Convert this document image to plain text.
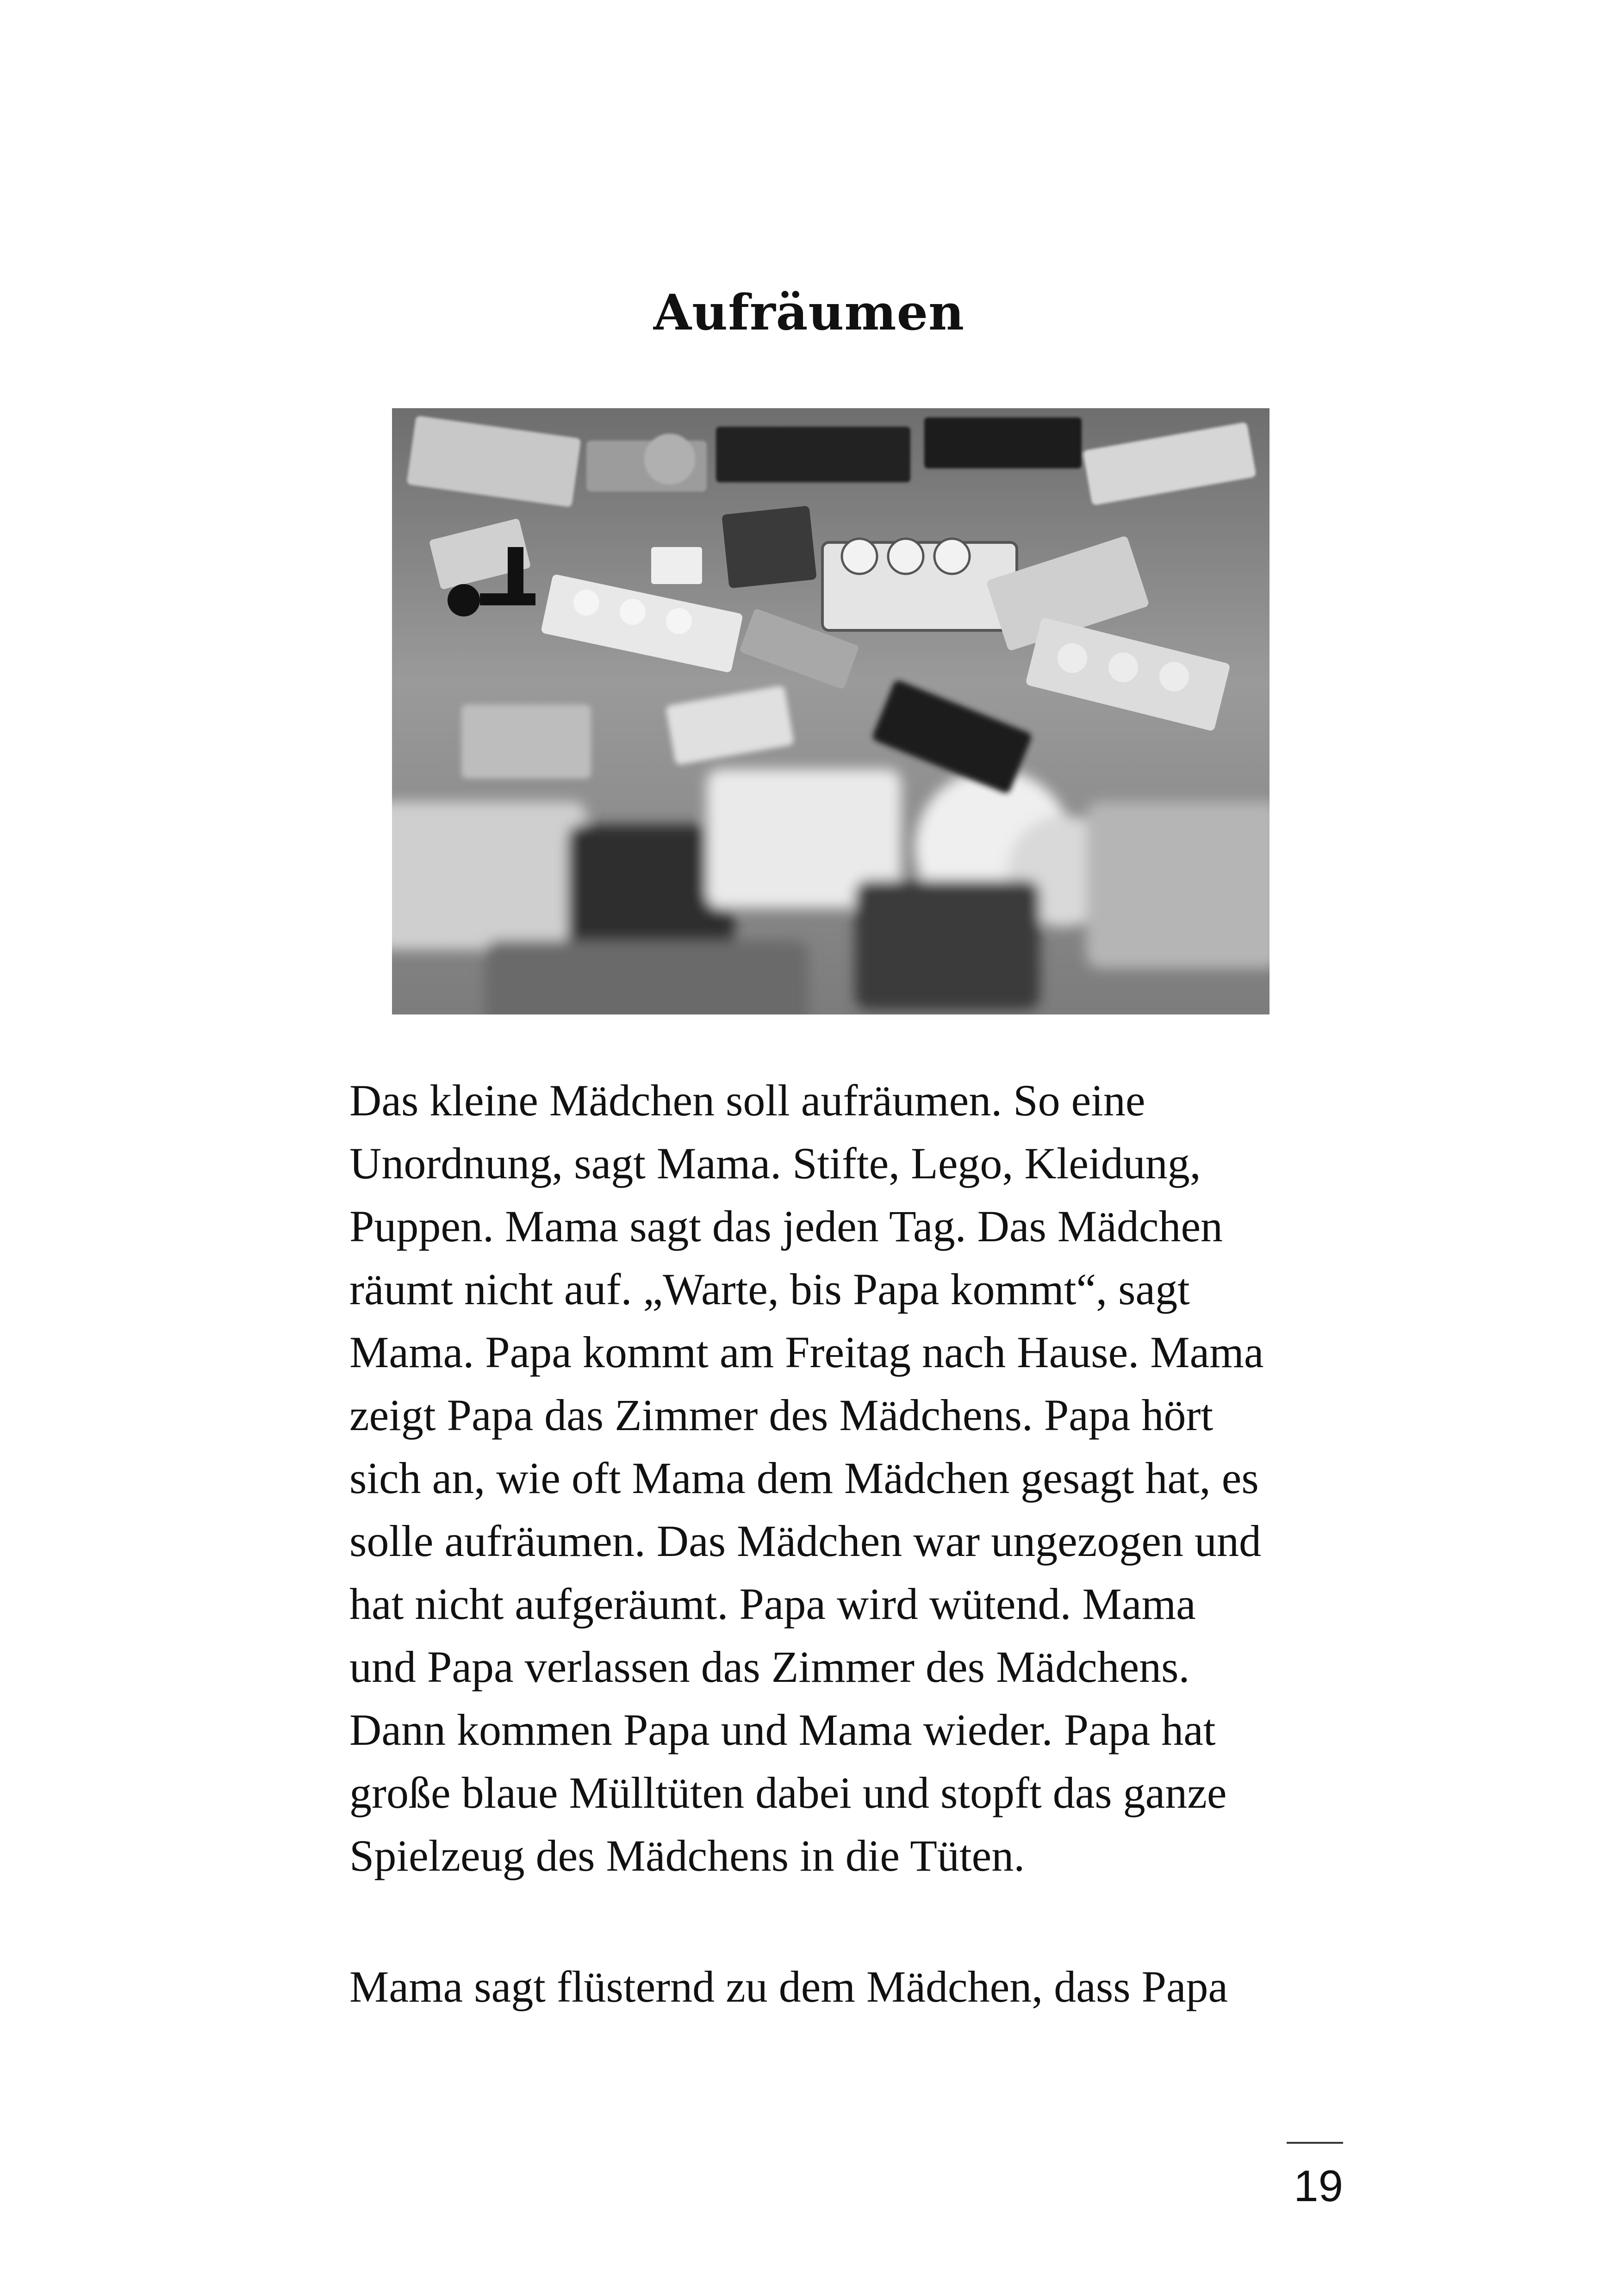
Aufräumen
Das kleine Mädchen soll aufräumen. So eine
Unordnung, sagt Mama. Stifte, Lego, Kleidung,
Puppen. Mama sagt das jeden Tag. Das Mädchen
räumt nicht auf. „Warte, bis Papa kommt“, sagt
Mama. Papa kommt am Freitag nach Hause. Mama
zeigt Papa das Zimmer des Mädchens. Papa hört
sich an, wie oft Mama dem Mädchen gesagt hat, es
solle aufräumen. Das Mädchen war ungezogen und
hat nicht aufgeräumt. Papa wird wütend. Mama
und Papa verlassen das Zimmer des Mädchens.
Dann kommen Papa und Mama wieder. Papa hat
große blaue Mülltüten dabei und stopft das ganze
Spielzeug des Mädchens in die Tüten.
Mama sagt flüsternd zu dem Mädchen, dass Papa
19
